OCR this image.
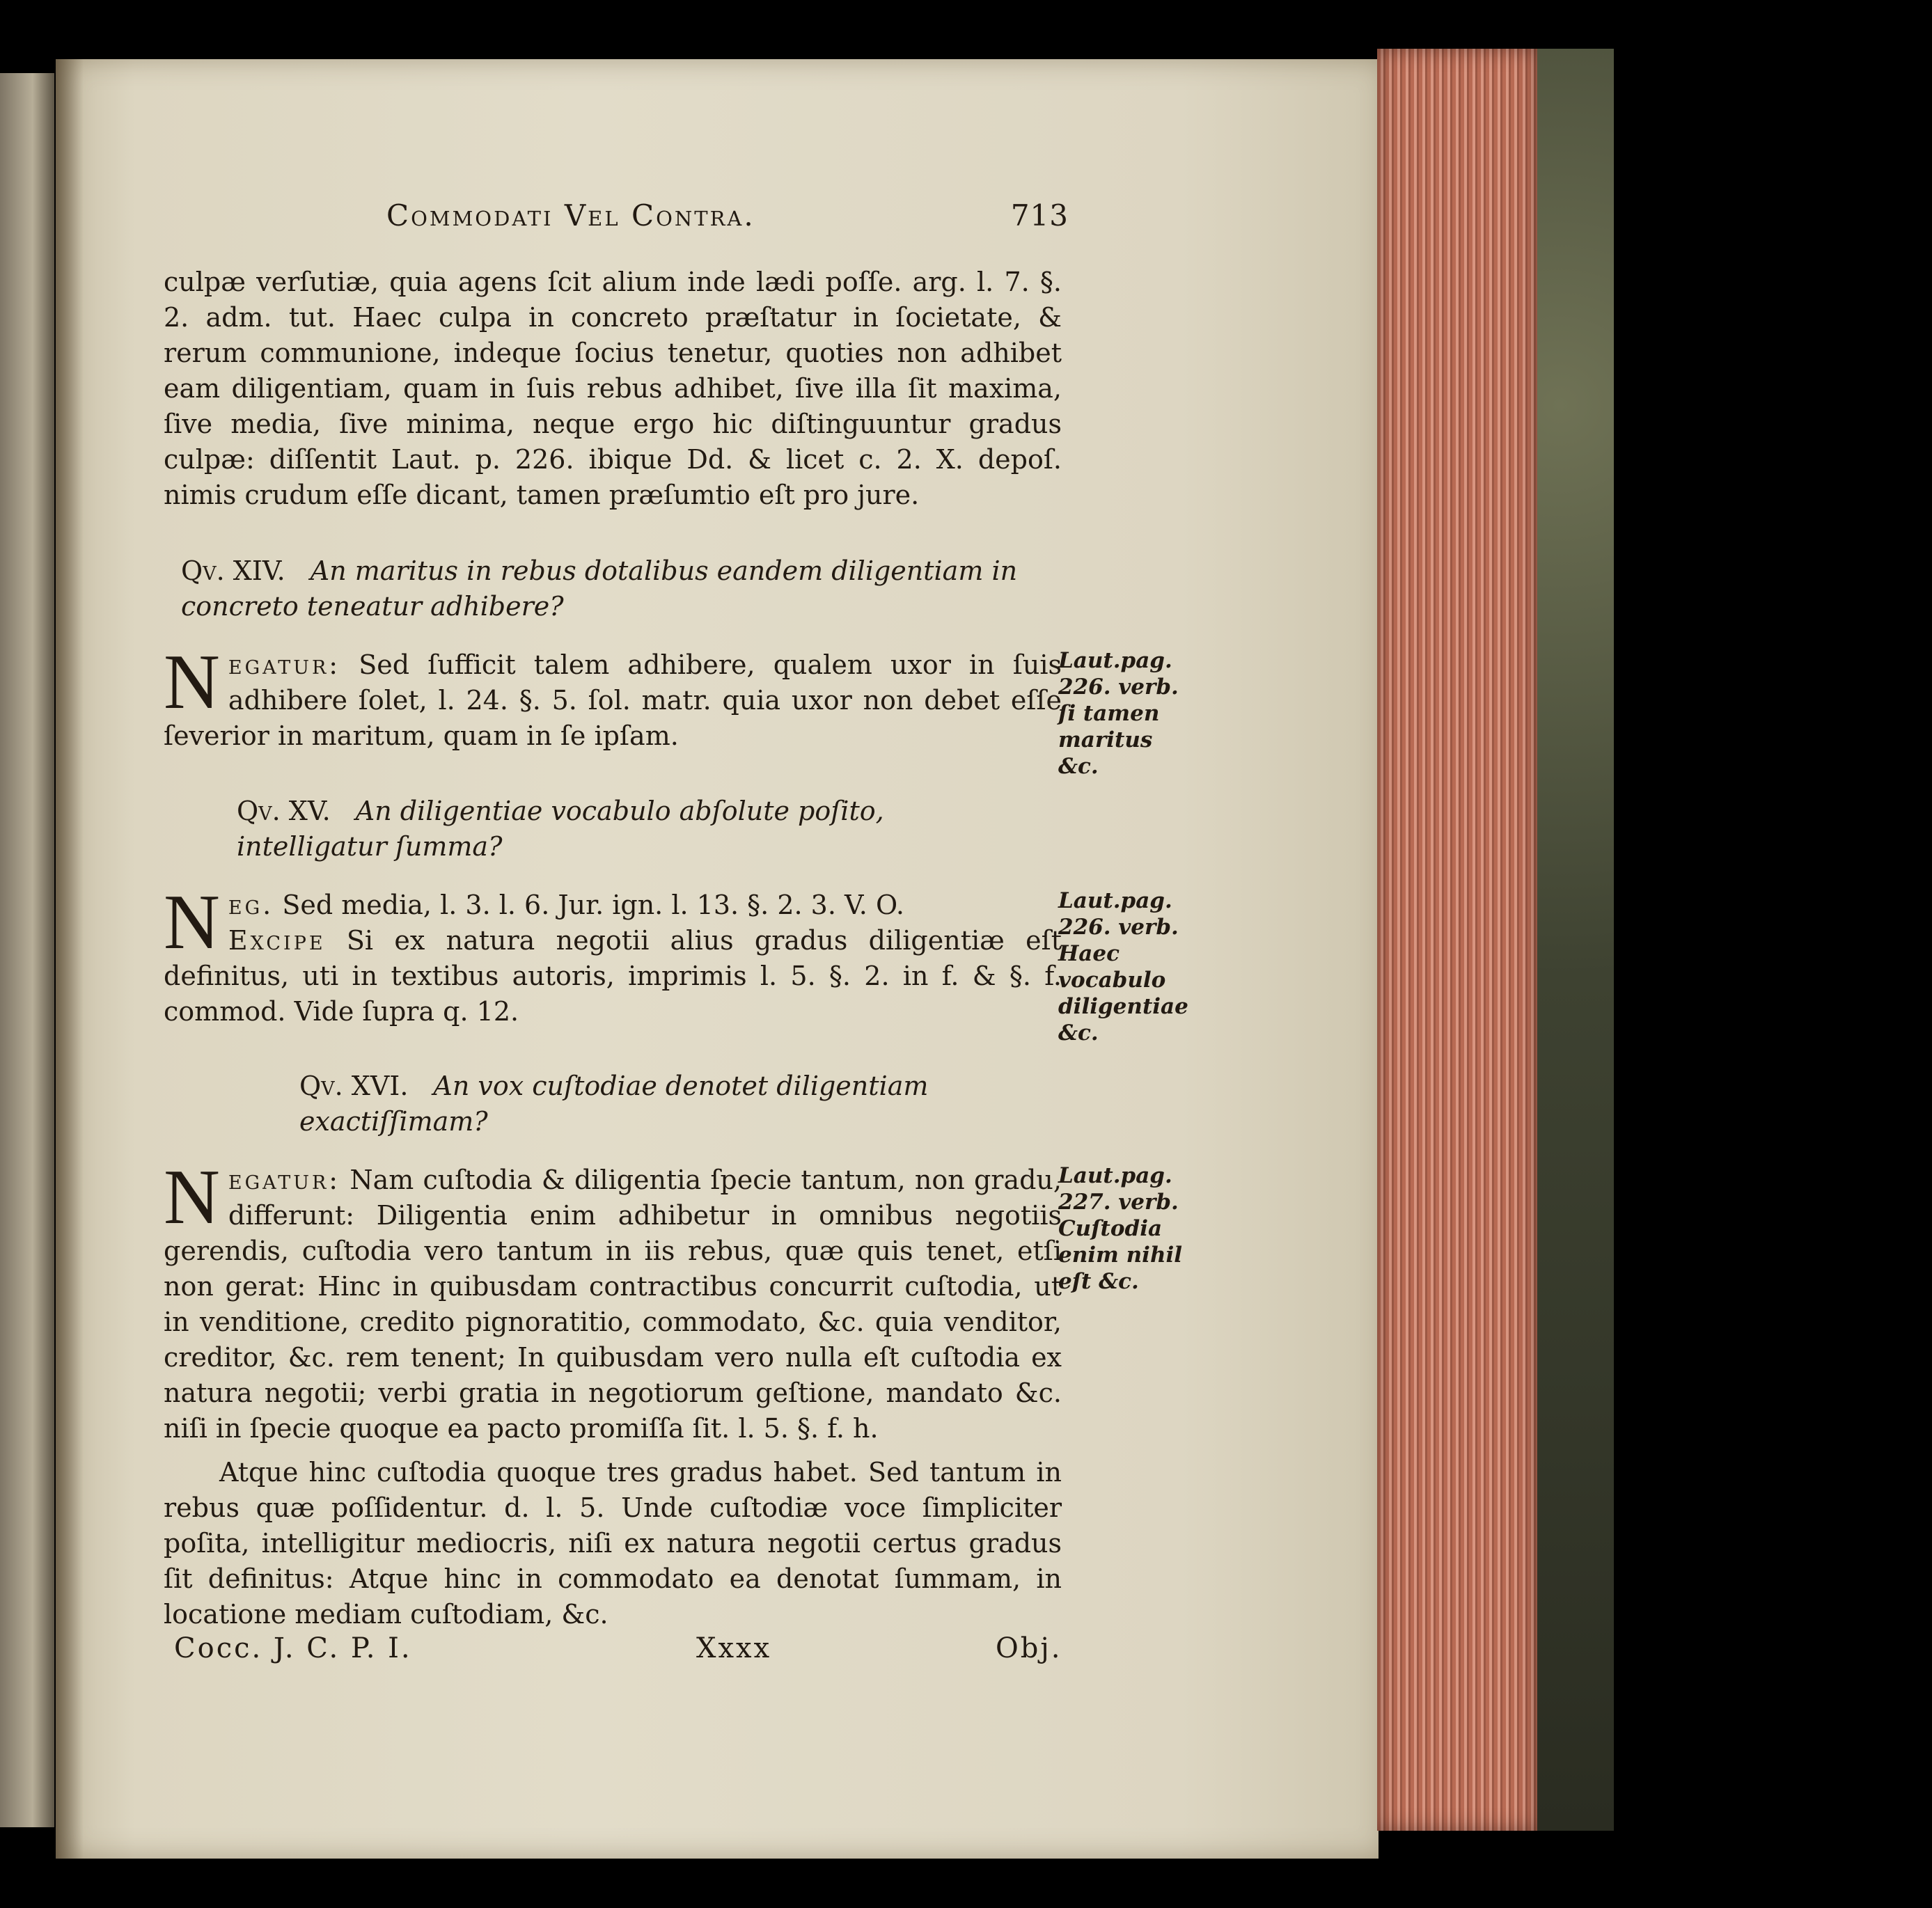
Commodati Vel Contra.	713
culpæ verſutiæ, quia agens ſcit alium inde lædi poſſe. arg. l. 7. §. 2. adm. tut. Haec culpa in concreto præſtatur in ſocietate, & rerum communione, indeque ſocius tenetur, quoties non adhibet eam diligentiam, quam in ſuis rebus adhibet, ſive illa ſit maxima, ſive media, ſive minima, neque ergo hic diſtinguuntur gradus culpæ: diſſentit Laut. p. 226. ibique Dd. & licet c. 2. X. depoſ. nimis crudum eſſe dicant, tamen præſumtio eſt pro jure.
Qv. XIV. An maritus in rebus dotalibus eandem diligentiam in concreto teneatur adhibere?
Negatur: Sed ſufficit talem adhibere, qualem uxor in ſuis adhibere ſolet, l. 24. §. 5. ſol. matr. quia uxor non debet eſſe ſeverior in maritum, quam in ſe ipſam.
Laut.pag. 226. verb. ſi tamen maritus &c.
Qv. XV. An diligentiae vocabulo abſolute poſito, intelligatur ſumma?
Neg. Sed media, l. 3. l. 6. Jur. ign. l. 13. §. 2. 3. V. O.
Excipe Si ex natura negotii alius gradus diligentiæ eſt definitus, uti in textibus autoris, imprimis l. 5. §. 2. in f. & §. f. commod. Vide ſupra q. 12.
Laut.pag. 226. verb. Haec vocabulo diligentiae &c.
Qv. XVI. An vox cuſtodiae denotet diligentiam exactiſſimam?
Negatur: Nam cuſtodia & diligentia ſpecie tantum, non gradu, differunt: Diligentia enim adhibetur in omnibus negotiis gerendis, cuſtodia vero tantum in iis rebus, quæ quis tenet, etſi non gerat: Hinc in quibusdam contractibus concurrit cuſtodia, ut in venditione, credito pignoratitio, commodato, &c. quia venditor, creditor, &c. rem tenent; In quibusdam vero nulla eſt cuſtodia ex natura negotii; verbi gratia in negotiorum geſtione, mandato &c. niſi in ſpecie quoque ea pacto promiſſa ſit. l. 5. §. f. h.
Laut.pag. 227. verb. Cuſtodia enim nihil eſt &c.
Atque hinc cuſtodia quoque tres gradus habet. Sed tantum in rebus quæ poſſidentur. d. l. 5. Unde cuſtodiæ voce ſimpliciter poſita, intelligitur mediocris, niſi ex natura negotii certus gradus ſit definitus: Atque hinc in commodato ea denotat ſummam, in locatione mediam cuſtodiam, &c.
Cocc. J. C. P. I.	Xxxx	Obj.
